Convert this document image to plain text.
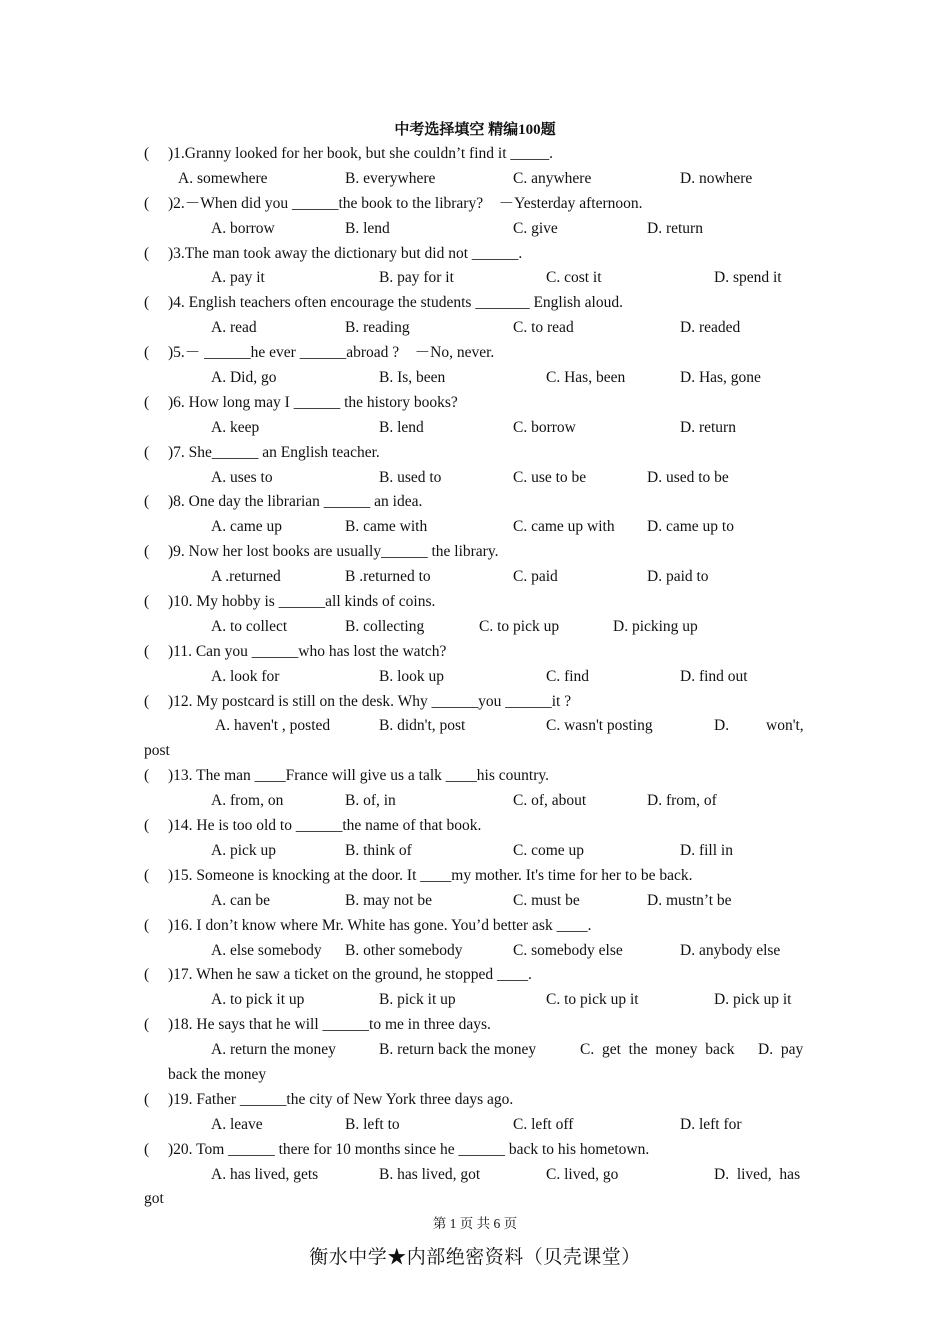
中考选择填空 精编100题
( )1.Granny looked for her book, but she couldn’t find it _____.
A. somewhere	B. everywhere	C. anywhere	D. nowhere
( )2.－When did you ______the book to the library?　－Yesterday afternoon.
A. borrow	B. lend	C. give	D. return
( )3.The man took away the dictionary but did not ______.
A. pay it	B. pay for it	C. cost it	D. spend it
( )4. English teachers often encourage the students _______ English aloud.
A. read	B. reading	C. to read	D. readed
( )5.－ ______he ever ______abroad ?　－No, never.
A. Did, go	B. Is, been	C. Has, been	D. Has, gone
( )6. How long may I ______ the history books?
A. keep	B. lend	C. borrow	D. return
( )7. She______ an English teacher.
A. uses to	B. used to	C. use to be	D. used to be
( )8. One day the librarian ______ an idea.
A. came up	B. came with	C. came up with D. came up to
( )9. Now her lost books are usually______ the library.
A .returned	B .returned to	C. paid	D. paid to
( )10. My hobby is ______all kinds of coins.
A. to collect	B. collecting	C. to pick up	D. picking up
( )11. Can you ______who has lost the watch?
A. look for	B. look up	C. find	D. find out
( )12. My postcard is still on the desk. Why ______you ______it ?
A. haven't , posted	B. didn't, post	C. wasn't posting	D. won't,
post
( )13. The man ____France will give us a talk ____his country.
A. from, on	B. of, in	C. of, about	D. from, of
( )14. He is too old to ______the name of that book.
A. pick up	B. think of	C. come up	D. fill in
( )15. Someone is knocking at the door. It ____my mother. It's time for her to be back.
A. can be	B. may not be	C. must be	D. mustn’t be
( )16. I don’t know where Mr. White has gone. You’d better ask ____.
A. else somebody B. other somebody	C. somebody else	D. anybody else
( )17. When he saw a ticket on the ground, he stopped ____.
A. to pick it up	B. pick it up	C. to pick up it	D. pick up it
( )18. He says that he will ______to me in three days.
A. return the money	B. return back the money	C.  get  the  money  back D.  pay
back the money
( )19. Father ______the city of New York three days ago.
A. leave	B. left to	C. left off	D. left for
( )20. Tom ______ there for 10 months since he ______ back to his hometown.
A. has lived, gets	B. has lived, got	C. lived, go	D.  lived,  has
got
第 1 页 共 6 页
衡水中学★内部绝密资料（贝壳课堂）
